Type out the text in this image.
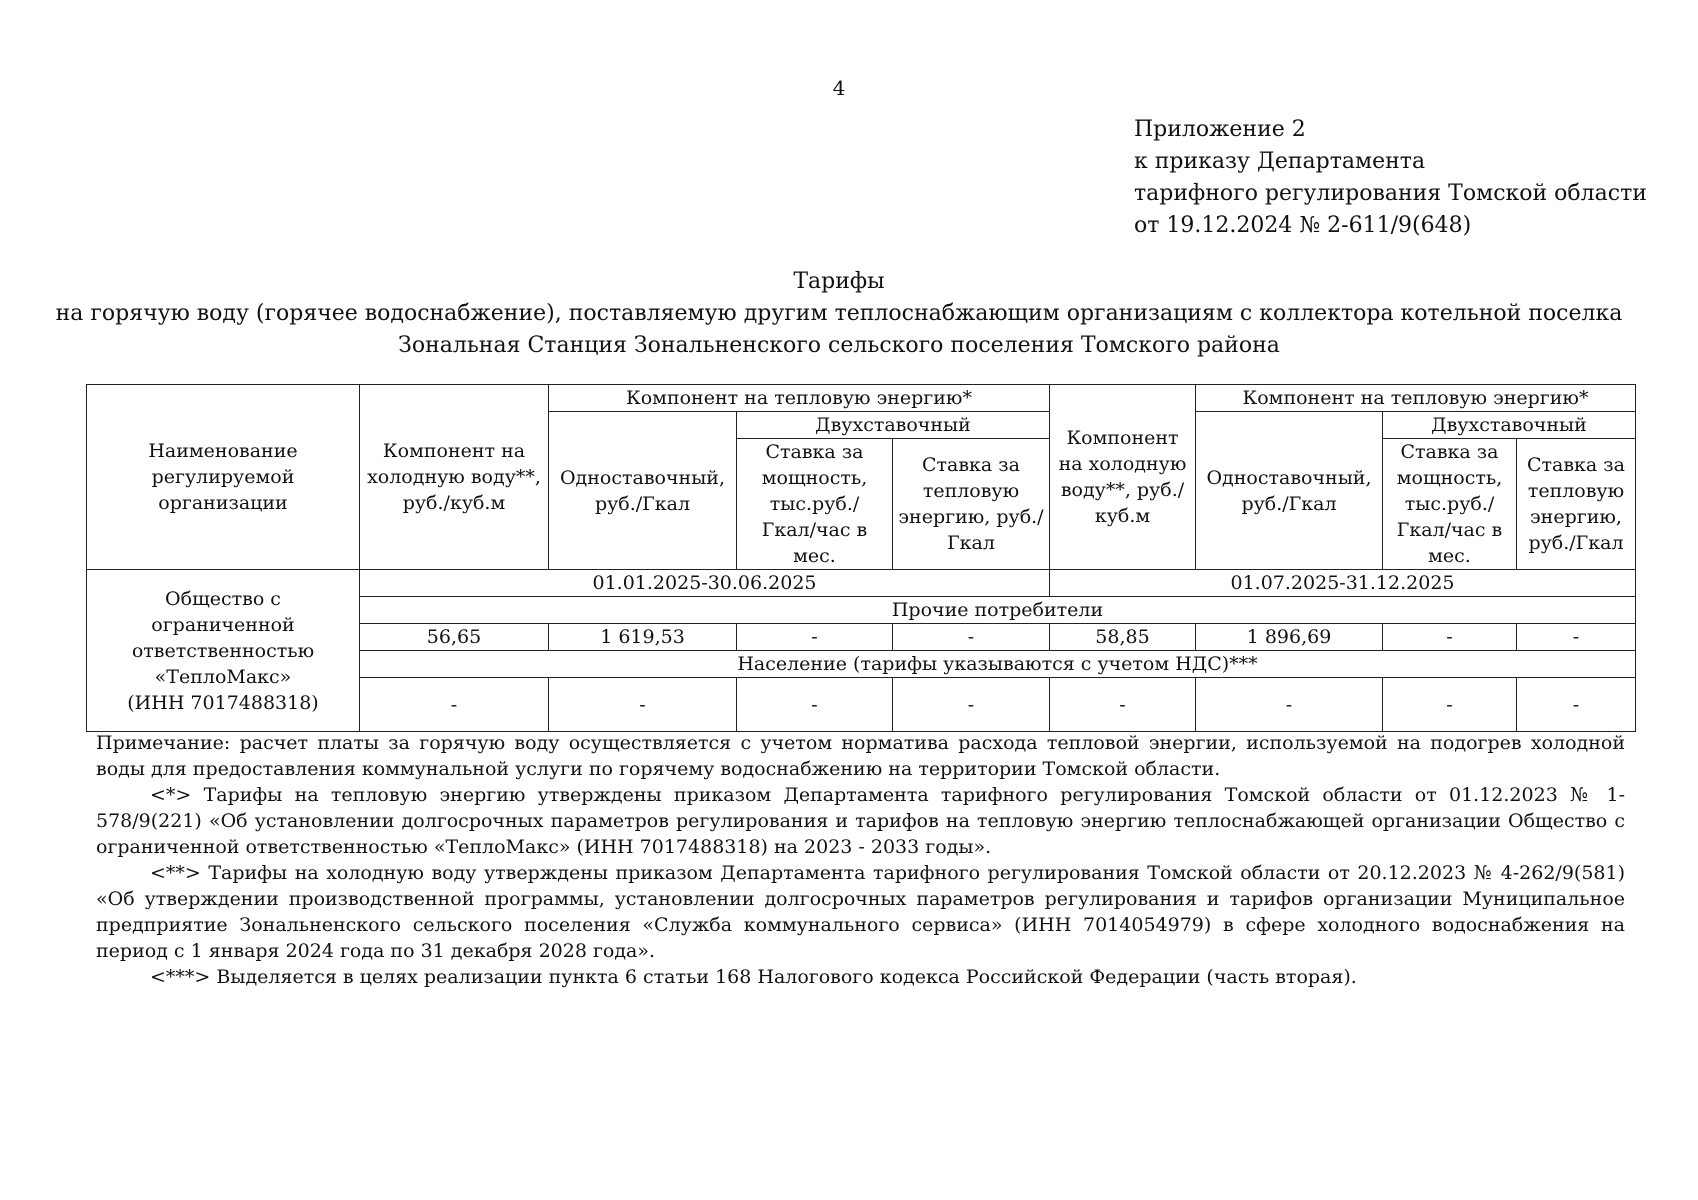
4
Приложение 2
к приказу Департамента
тарифного регулирования Томской области
от 19.12.2024 № 2-611/9(648)
Тарифы
на горячую воду (горячее водоснабжение), поставляемую другим теплоснабжающим организациям с коллектора котельной поселка
Зональная Станция Зональненского сельского поселения Томского района
Наименование регулируемой организации	Компонент на холодную воду**, руб./куб.м	Компонент на тепловую энергию*			Компонент на холодную воду**, руб./куб.м	Компонент на тепловую энергию*		
		Одноставочный, руб./Гкал	Двухставочный			Одноставочный, руб./Гкал	Двухставочный	
			Ставка за мощность, тыс.руб./ Гкал/час в мес.	Ставка за тепловую энергию, руб./Гкал			Ставка за мощность, тыс.руб./ Гкал/час в мес.	Ставка за тепловую энергию, руб./Гкал

Общество с ограниченной
ответственностью
«ТеплоМакс»
(ИНН 7017488318)	01.01.2025-30.06.2025				01.07.2025-31.12.2025			
	Прочие потребители							
	56,65	1 619,53	-	-	58,85	1 896,69	-	-
	Население (тарифы указываются с учетом НДС)***							
	-	-	-	-	-	-	-	-

Примечание: расчет платы за горячую воду осуществляется с учетом норматива расхода тепловой энергии, используемой на подогрев холодной воды для предоставления коммунальной услуги по горячему водоснабжению на территории Томской области.

<*> Тарифы на тепловую энергию утверждены приказом Департамента тарифного регулирования Томской области от 01.12.2023 № 1-578/9(221) «Об установлении долгосрочных параметров регулирования и тарифов на тепловую энергию теплоснабжающей организации Общество с ограниченной ответственностью «ТеплоМакс» (ИНН 7017488318) на 2023 - 2033 годы».

<**> Тарифы на холодную воду утверждены приказом Департамента тарифного регулирования Томской области от 20.12.2023 № 4-262/9(581) «Об утверждении производственной программы, установлении долгосрочных параметров регулирования и тарифов организации Муниципальное предприятие Зональненского сельского поселения «Служба коммунального сервиса» (ИНН 7014054979) в сфере холодного водоснабжения на период с 1 января 2024 года по 31 декабря 2028 года».

<***> Выделяется в целях реализации пункта 6 статьи 168 Налогового кодекса Российской Федерации (часть вторая).
